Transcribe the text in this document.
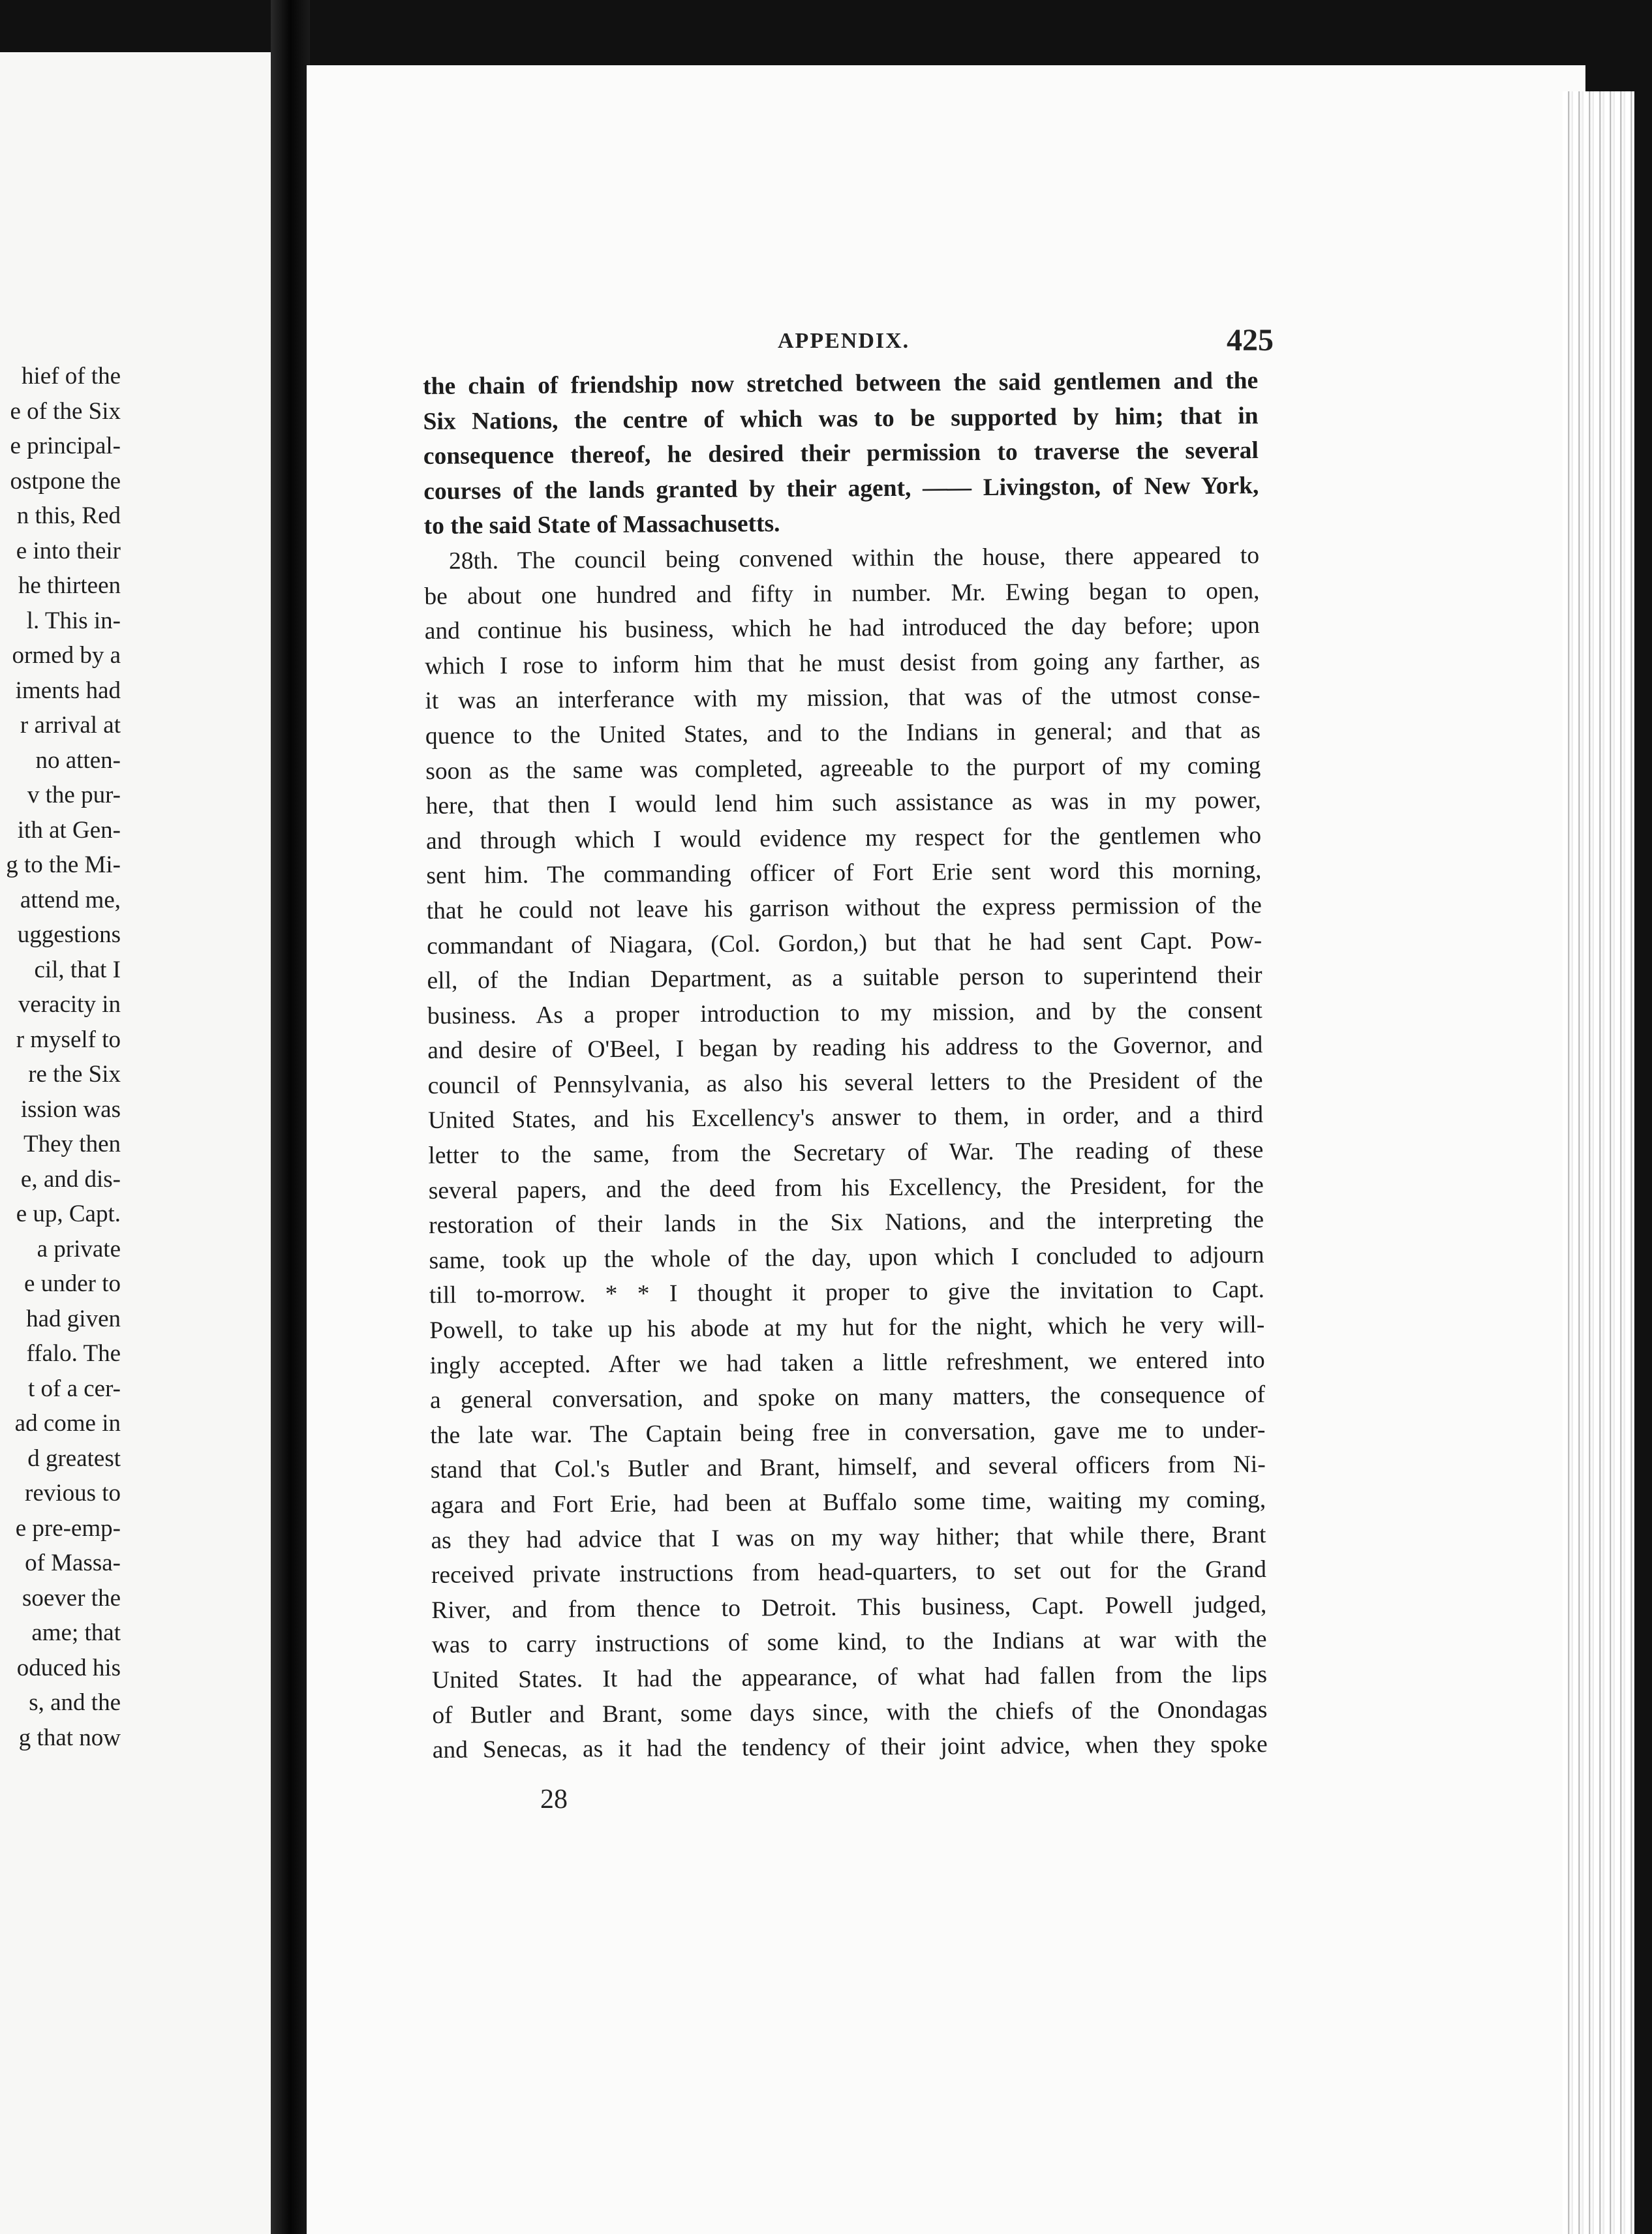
hief of the
e of the Six
e principal-
ostpone the
n this, Red
e into their
he thirteen
l. This in-
ormed by a
iments had
r arrival at
no atten-
v the pur-
ith at Gen-
g to the Mi-
attend me,
uggestions
cil, that I
veracity in
r myself to
re the Six
ission was
They then
e, and dis-
e up, Capt.
a private
e under to
had given
ffalo. The
t of a cer-
ad come in
d greatest
revious to
e pre-emp-
of Massa-
soever the
ame; that
oduced his
s, and the
g that now
APPENDIX.	425
the chain of friendship now stretched between the said gentlemen and the
Six Nations, the centre of which was to be supported by him; that in
consequence thereof, he desired their permission to traverse the several
courses of the lands granted by their agent, —— Livingston, of New York,
to the said State of Massachusetts.
28th. The council being convened within the house, there appeared to
be about one hundred and fifty in number. Mr. Ewing began to open,
and continue his business, which he had introduced the day before; upon
which I rose to inform him that he must desist from going any farther, as
it was an interferance with my mission, that was of the utmost conse-
quence to the United States, and to the Indians in general; and that as
soon as the same was completed, agreeable to the purport of my coming
here, that then I would lend him such assistance as was in my power,
and through which I would evidence my respect for the gentlemen who
sent him. The commanding officer of Fort Erie sent word this morning,
that he could not leave his garrison without the express permission of the
commandant of Niagara, (Col. Gordon,) but that he had sent Capt. Pow-
ell, of the Indian Department, as a suitable person to superintend their
business. As a proper introduction to my mission, and by the consent
and desire of O'Beel, I began by reading his address to the Governor, and
council of Pennsylvania, as also his several letters to the President of the
United States, and his Excellency's answer to them, in order, and a third
letter to the same, from the Secretary of War. The reading of these
several papers, and the deed from his Excellency, the President, for the
restoration of their lands in the Six Nations, and the interpreting the
same, took up the whole of the day, upon which I concluded to adjourn
till to-morrow. * * I thought it proper to give the invitation to Capt.
Powell, to take up his abode at my hut for the night, which he very will-
ingly accepted. After we had taken a little refreshment, we entered into
a general conversation, and spoke on many matters, the consequence of
the late war. The Captain being free in conversation, gave me to under-
stand that Col.'s Butler and Brant, himself, and several officers from Ni-
agara and Fort Erie, had been at Buffalo some time, waiting my coming,
as they had advice that I was on my way hither; that while there, Brant
received private instructions from head-quarters, to set out for the Grand
River, and from thence to Detroit. This business, Capt. Powell judged,
was to carry instructions of some kind, to the Indians at war with the
United States. It had the appearance, of what had fallen from the lips
of Butler and Brant, some days since, with the chiefs of the Onondagas
and Senecas, as it had the tendency of their joint advice, when they spoke
28
